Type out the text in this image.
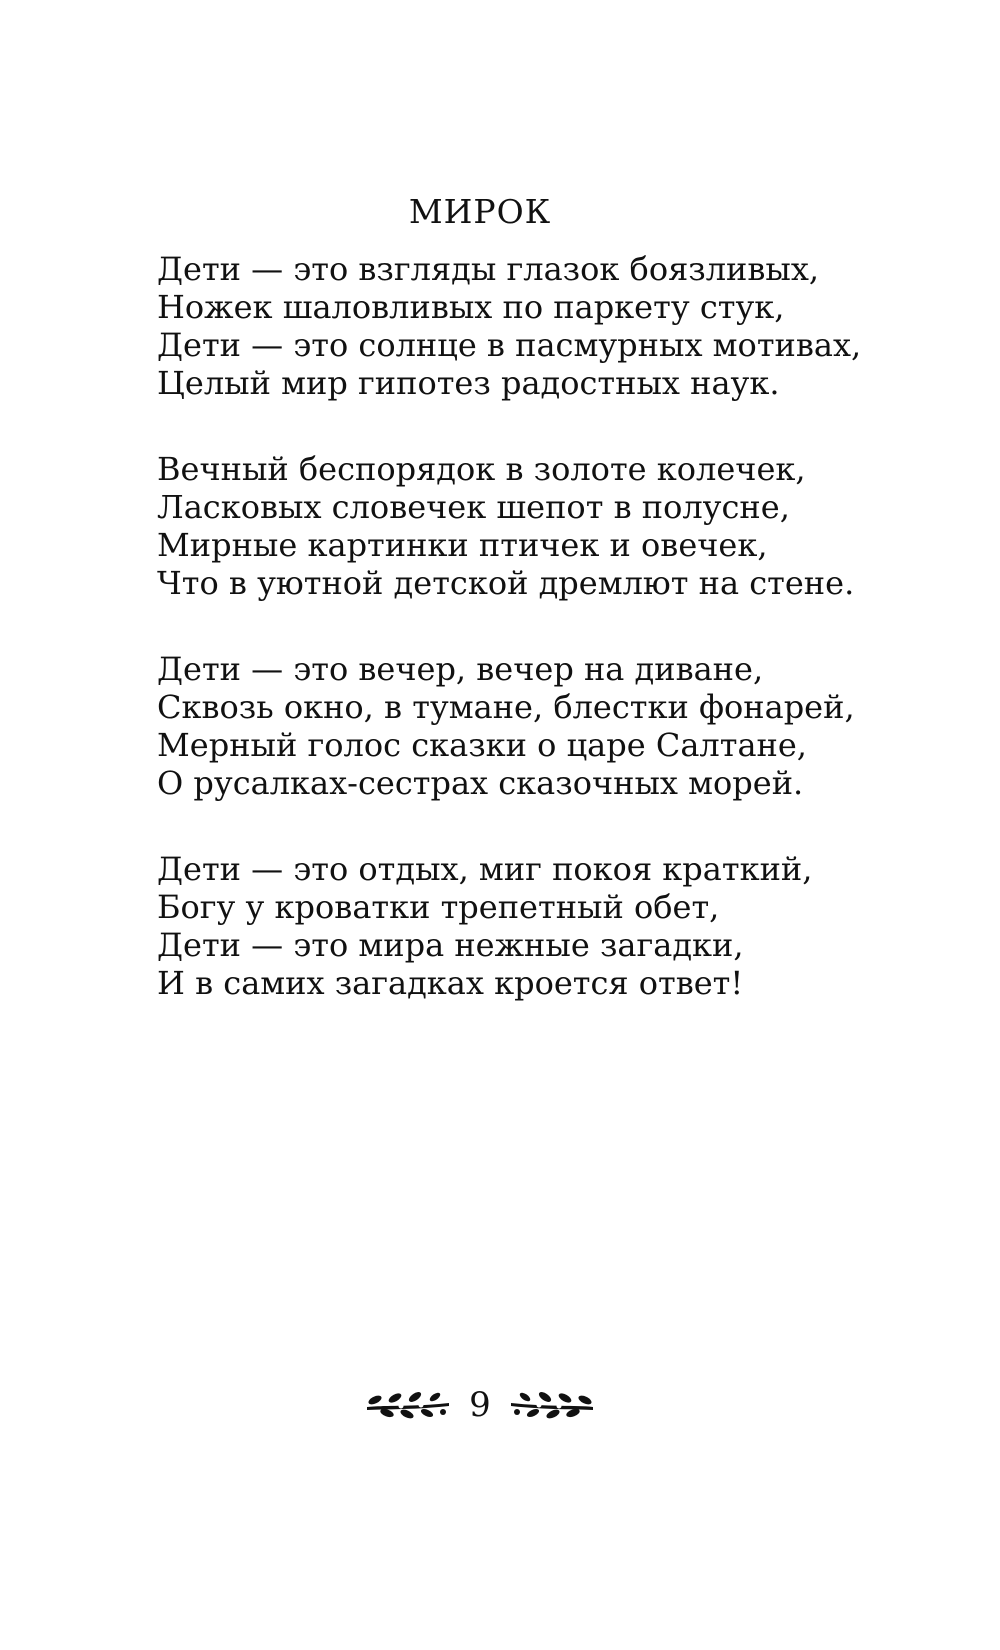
МИРОК
Дети — это взгляды глазок боязливых,
Ножек шаловливых по паркету стук,
Дети — это солнце в пасмурных мотивах,
Целый мир гипотез радостных наук.
Вечный беспорядок в золоте колечек,
Ласковых словечек шепот в полусне,
Мирные картинки птичек и овечек,
Что в уютной детской дремлют на стене.
Дети — это вечер, вечер на диване,
Сквозь окно, в тумане, блестки фонарей,
Мерный голос сказки о царе Салтане,
О русалках-сестрах сказочных морей.
Дети — это отдых, миг покоя краткий,
Богу у кроватки трепетный обет,
Дети — это мира нежные загадки,
И в самих загадках кроется ответ!
9
